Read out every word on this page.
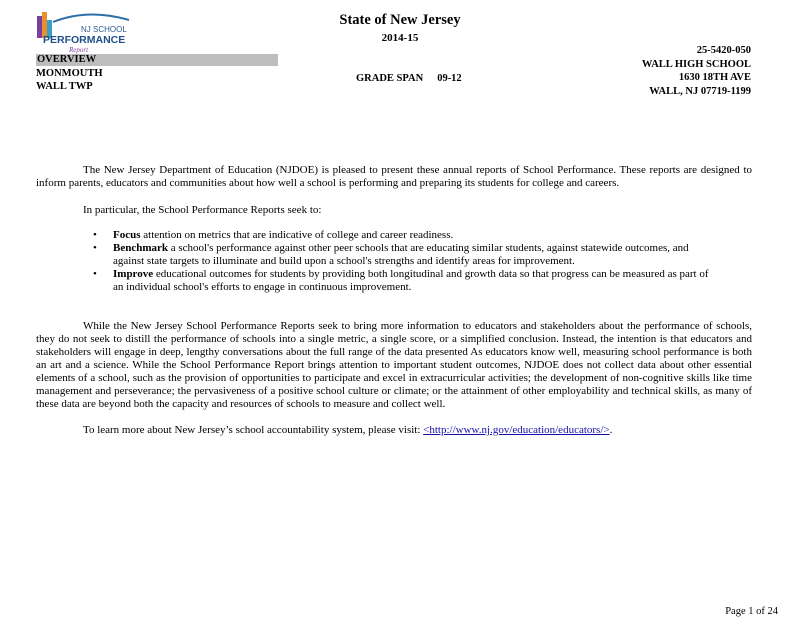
NJ SCHOOL
PERFORMANCE
Report
State of New Jersey
2014-15
OVERVIEW
MONMOUTH
WALL TWP
GRADE SPAN 09-12
25-5420-050
WALL HIGH SCHOOL
1630 18TH AVE
WALL, NJ 07719-1199

The New Jersey Department of Education (NJDOE) is pleased to present these annual reports of School Performance. These reports are designed to inform parents, educators and communities about how well a school is performing and preparing its students for college and careers.

In particular, the School Performance Reports seek to:

• Focus attention on metrics that are indicative of college and career readiness.
• Benchmark a school's performance against other peer schools that are educating similar students, against statewide outcomes, and against state targets to illuminate and build upon a school's strengths and identify areas for improvement.
• Improve educational outcomes for students by providing both longitudinal and growth data so that progress can be measured as part of an individual school's efforts to engage in continuous improvement.

While the New Jersey School Performance Reports seek to bring more information to educators and stakeholders about the performance of schools, they do not seek to distill the performance of schools into a single metric, a single score, or a simplified conclusion. Instead, the intention is that educators and stakeholders will engage in deep, lengthy conversations about the full range of the data presented As educators know well, measuring school performance is both an art and a science. While the School Performance Report brings attention to important student outcomes, NJDOE does not collect data about other essential elements of a school, such as the provision of opportunities to participate and excel in extracurricular activities; the development of non-cognitive skills like time management and perseverance; the pervasiveness of a positive school culture or climate; or the attainment of other employability and technical skills, as many of these data are beyond both the capacity and resources of schools to measure and collect well.

To learn more about New Jersey’s school accountability system, please visit: <http://www.nj.gov/education/educators/>.

Page 1 of 24
